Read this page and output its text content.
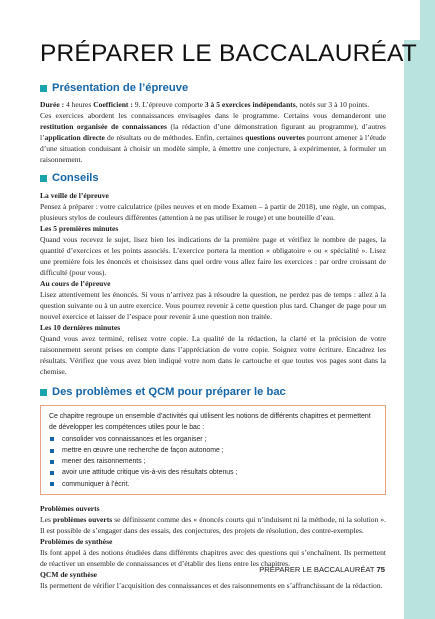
PRÉPARER LE BACCALAURÉAT
Présentation de l’épreuve

Durée : 4 heures Coefficient : 9. L’épreuve comporte 3 à 5 exercices indépendants, notés sur 3 à 10 points.

Ces exercices abordent les connaissances envisagées dans le programme. Certains vous demanderont une restitution organisée de connaissances (la rédaction d’une démonstration figurant au programme), d’autres l’application directe de résultats ou de méthodes. Enfin, certaines questions ouvertes pourront amener à l’étude d’une situation conduisant à choisir un modèle simple, à émettre une conjecture, à expérimenter, à formuler un raisonnement.

Conseils
La veille de l’épreuve

Pensez à préparer : votre calculatrice (piles neuves et en mode Examen – à partir de 2018), une règle, un compas, plusieurs stylos de couleurs différentes (attention à ne pas utiliser le rouge) et une bouteille d’eau.

Les 5 premières minutes

Quand vous recevez le sujet, lisez bien les indications de la première page et vérifiez le nombre de pages, la quantité d’exercices et les points associés. L’exercice portera la mention « obligatoire » ou « spécialité ». Lisez une première fois les énoncés et choisissez dans quel ordre vous allez faire les exercices : par ordre croissant de difficulté (pour vous).

Au cours de l’épreuve

Lisez attentivement les énoncés. Si vous n’arrivez pas à résoudre la question, ne perdez pas de temps : allez à la question suivante ou à un autre exercice. Vous pourrez revenir à cette question plus tard. Changer de page pour un nouvel exercice et laisser de l’espace pour revenir à une question non traitée.

Les 10 dernières minutes

Quand vous avez terminé, relisez votre copie. La qualité de la rédaction, la clarté et la précision de votre raisonnement seront prises en compte dans l’appréciation de votre copie. Soignez votre écriture. Encadrez les résultats. Vérifiez que vous avez bien indiqué votre nom dans le cartouche et que toutes vos pages sont dans la chemise.

Des problèmes et QCM pour préparer le bac

Ce chapitre regroupe un ensemble d’activités qui utilisent les notions de différents chapitres et permettent de développer les compétences utiles pour le bac :

consolider vos connaissances et les organiser ;
mettre en œuvre une recherche de façon autonome ;
mener des raisonnements ;
avoir une attitude critique vis-à-vis des résultats obtenus ;
communiquer à l’écrit.
Problèmes ouverts

Les problèmes ouverts se définissent comme des « énoncés courts qui n’induisent ni la méthode, ni la solution ». Il est possible de s’engager dans des essais, des conjectures, des projets de résolution, des contre-exemples.

Problèmes de synthèse

Ils font appel à des notions étudiées dans différents chapitres avec des questions qui s’enchaînent. Ils permettent de réactiver un ensemble de connaissances et d’établir des liens entre les chapitres.

QCM de synthèse

Ils permettent de vérifier l’acquisition des connaissances et des raisonnements en s’affranchissant de la rédaction.

PRÉPARER LE BACCALAURÉAT 75
